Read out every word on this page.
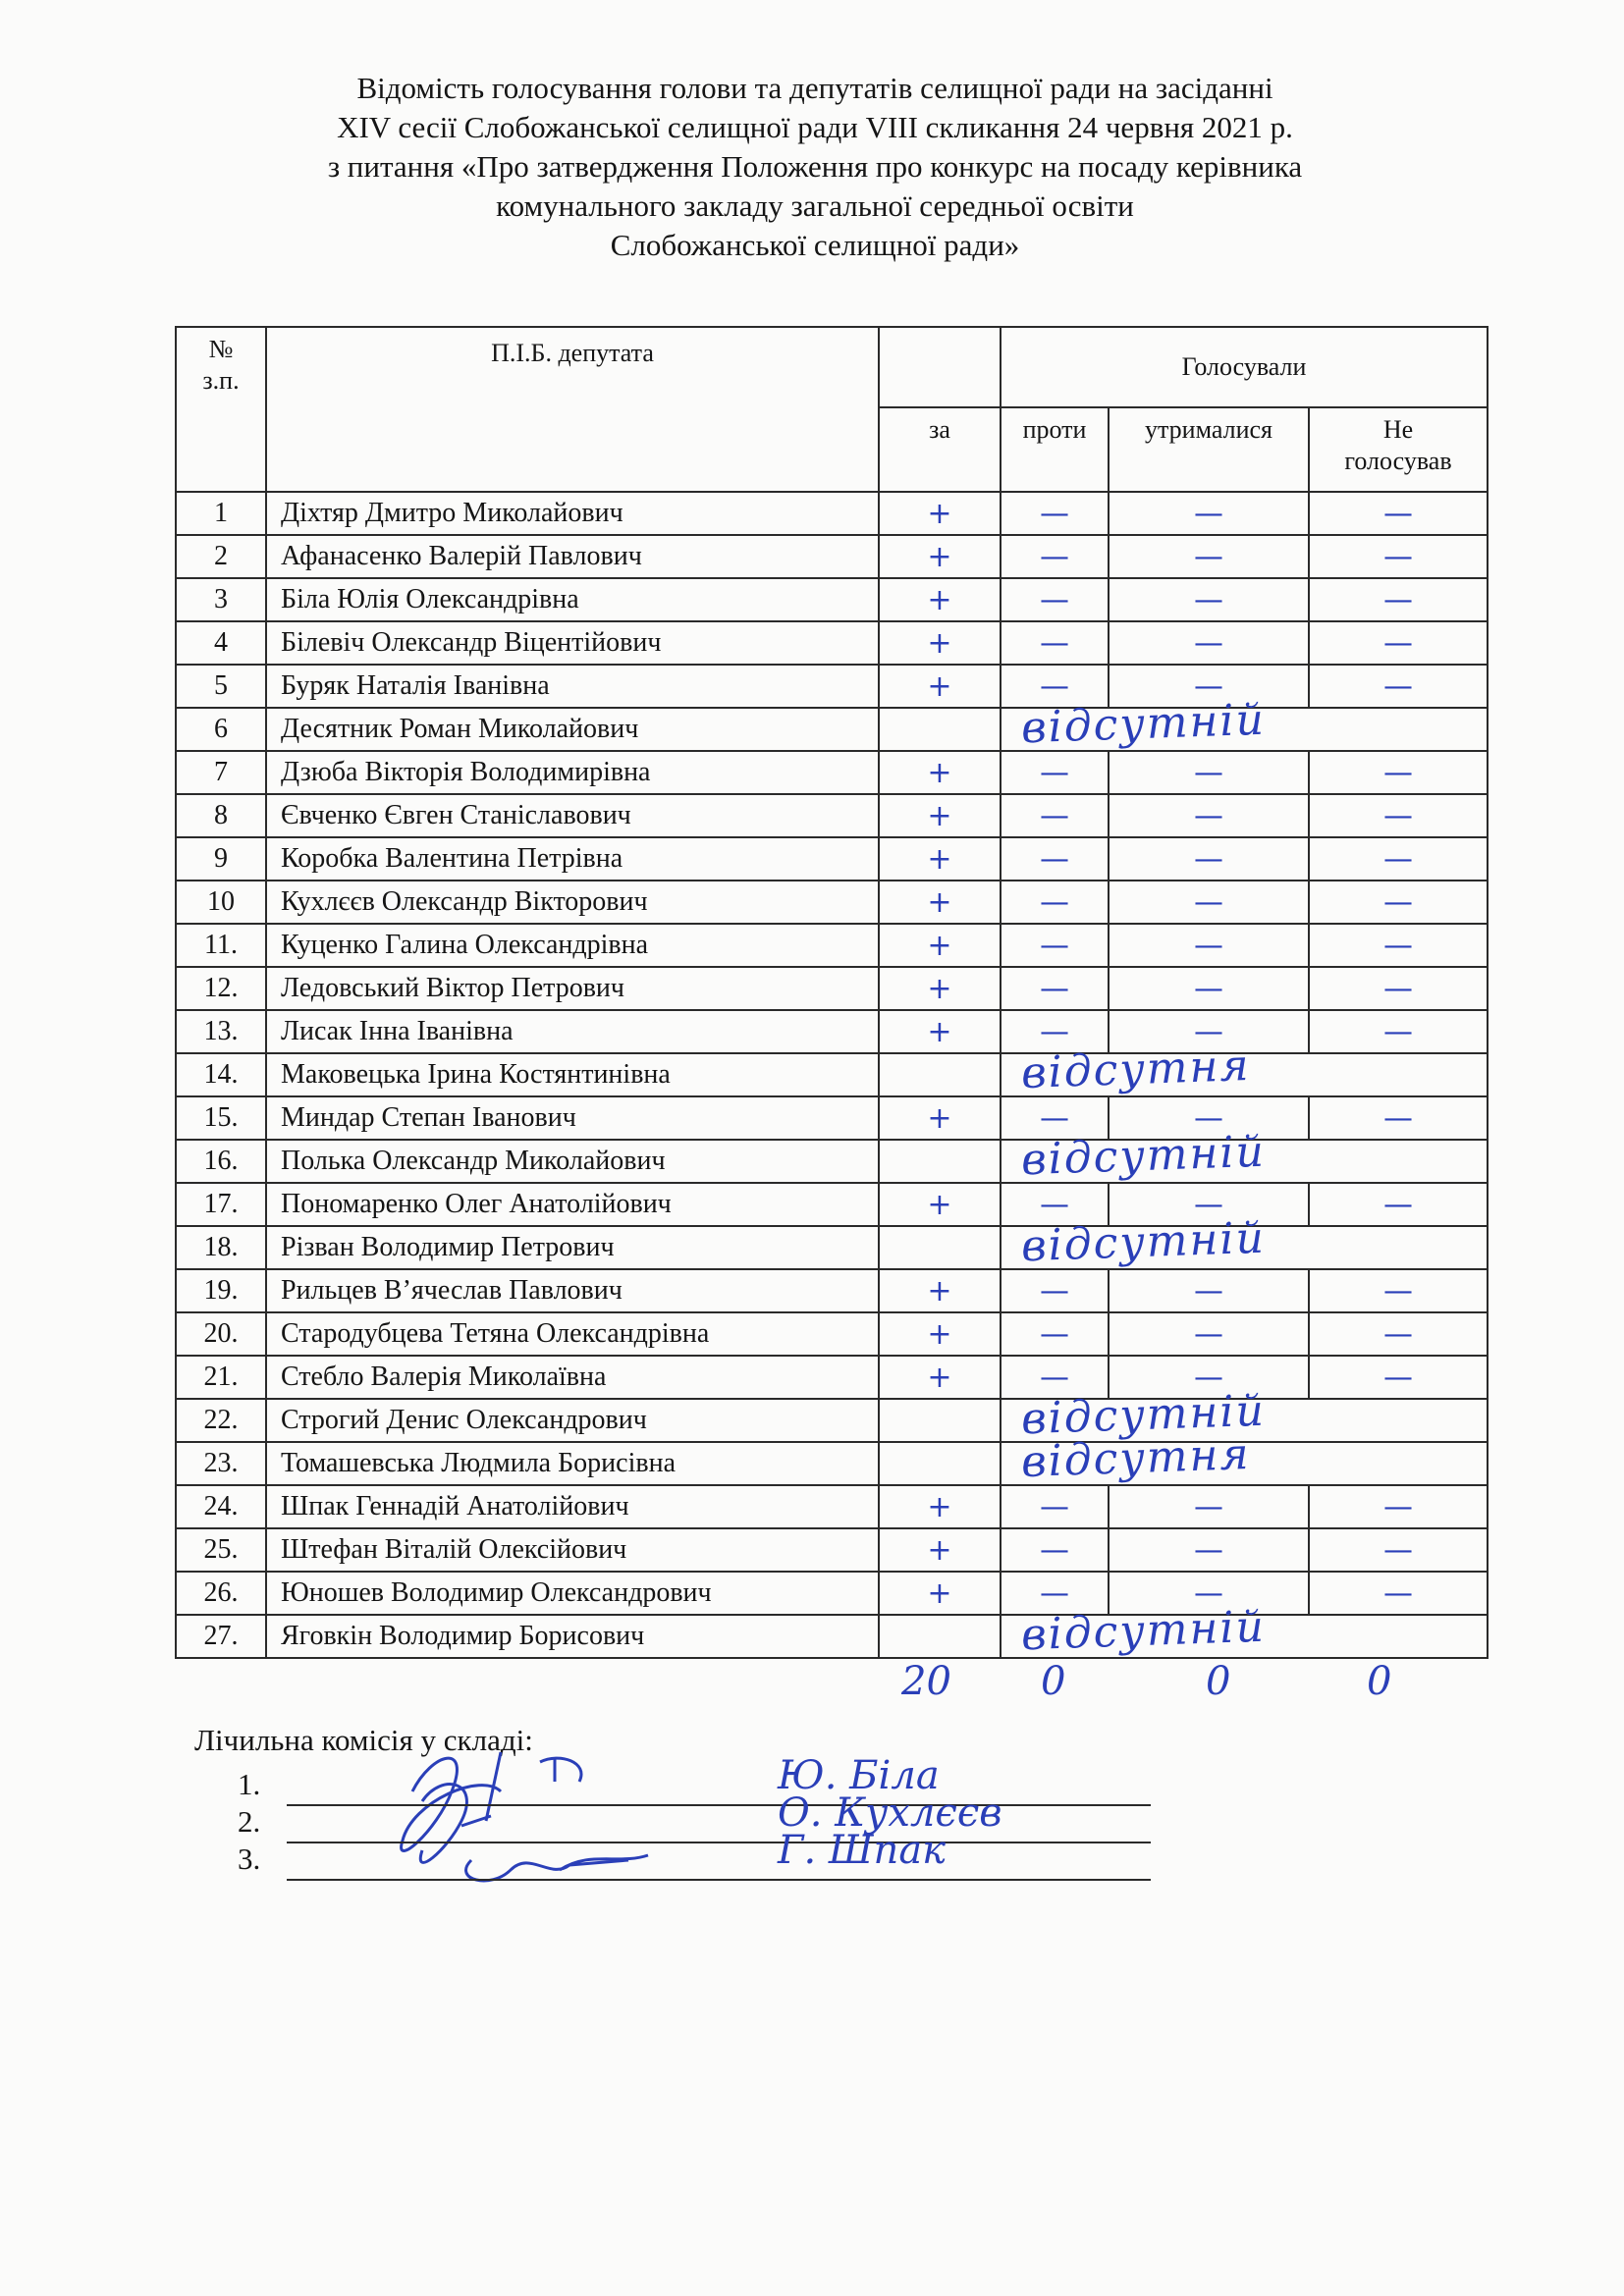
Відомість голосування голови та депутатів селищної ради на засіданні
XIV сесії Слобожанської селищної ради VIII скликання 24 червня 2021 р.
з питання «Про затвердження Положення про конкурс на посаду керівника
комунального закладу загальної середньої освіти
Слобожанської селищної ради»
№
з.п.	П.І.Б. депутата		Голосували		
		за	проти	утрималися	Не
голосував

1	Діхтяр Дмитро Миколайович	+	—	—	—
2	Афанасенко Валерій Павлович	+	—	—	—
3	Біла Юлія Олександрівна	+	—	—	—
4	Білевіч Олександр Віцентійович	+	—	—	—
5	Буряк Наталія Іванівна	+	—	—	—
6	Десятник Роман Миколайович		відсутній		

7	Дзюба Вікторія Володимирівна	+	—	—	—
8	Євченко Євген Станіславович	+	—	—	—
9	Коробка Валентина Петрівна	+	—	—	—
10	Кухлєєв Олександр Вікторович	+	—	—	—
11.	Куценко Галина Олександрівна	+	—	—	—
12.	Ледовський Віктор Петрович	+	—	—	—
13.	Лисак Інна Іванівна	+	—	—	—
14.	Маковецька Ірина Костянтинівна		відсутня		

15.	Миндар Степан Іванович	+	—	—	—
16.	Полька Олександр Миколайович		відсутній		

17.	Пономаренко Олег Анатолійович	+	—	—	—
18.	Різван Володимир Петрович		відсутній		

19.	Рильцев В’ячеслав Павлович	+	—	—	—
20.	Стародубцева Тетяна Олександрівна	+	—	—	—
21.	Стебло Валерія Миколаївна	+	—	—	—
22.	Строгий Денис Олександрович		відсутній		

23.	Томашевська Людмила Борисівна		відсутня		

24.	Шпак Геннадій Анатолійович	+	—	—	—
25.	Штефан Віталій Олексійович	+	—	—	—
26.	Юнoшев Володимир Олександрович	+	—	—	—
27.	Яговкін Володимир Борисович		відсутній		
20 0	0	0
Лічильна комісія у складі:
1.	Ю. Біла
2.	О. Кухлєєв
3.	Г. Шпак
